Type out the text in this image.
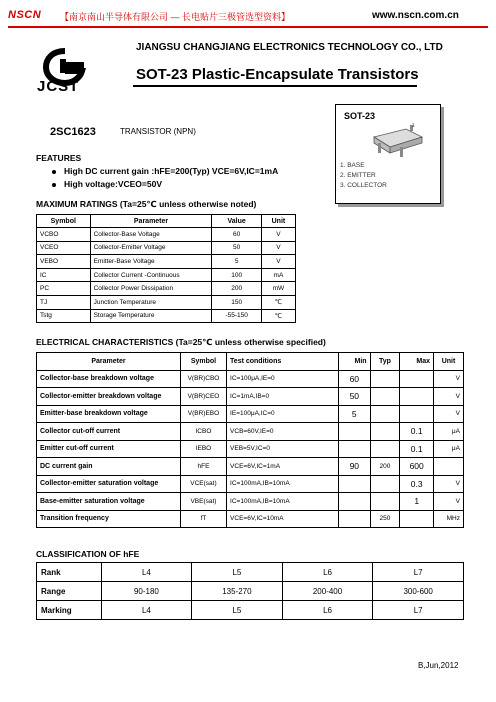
NSCN 【南京南山半导体有限公司 — 长电贴片三极管选型资料】	www.nscn.com.cn
JCST
JIANGSU CHANGJIANG ELECTRONICS TECHNOLOGY CO., LTD
SOT-23 Plastic-Encapsulate Transistors
SOT-23
3
1. BASE
2. EMITTER
3. COLLECTOR
2SC1623	TRANSISTOR (NPN)
FEATURES
High DC current gain :hFE=200(Typ) VCE=6V,IC=1mA
High voltage:VCEO=50V
MAXIMUM RATINGS (Ta=25℃ unless otherwise noted)
Symbol	Parameter	Value	Unit
VCBO	Collector-Base Voltage	60	V
VCEO	Collector-Emitter Voltage	50	V
VEBO	Emitter-Base Voltage	5	V
IC	Collector Current -Continuous	100	mA
PC	Collector Power Dissipation	200	mW
TJ	Junction Temperature	150	℃
Tstg	Storage Temperature	-55-150	℃
ELECTRICAL CHARACTERISTICS (Ta=25℃ unless otherwise specified)
Parameter	Symbol	Test conditions	Min	Typ	Max	Unit
Collector-base breakdown voltage	V(BR)CBO	IC=100μA,IE=0	60			V
Collector-emitter breakdown voltage	V(BR)CEO	IC=1mA,IB=0	50			V
Emitter-base breakdown voltage	V(BR)EBO	IE=100μA,IC=0	5			V
Collector cut-off current	ICBO	VCB=60V,IE=0			0.1	μA
Emitter cut-off current	IEBO	VEB=5V,IC=0			0.1	μA
DC current gain	hFE	VCE=6V,IC=1mA	90	200	600	
Collector-emitter saturation voltage	VCE(sat)	IC=100mA,IB=10mA			0.3	V
Base-emitter saturation voltage	VBE(sat)	IC=100mA,IB=10mA			1	V
Transition frequency	fT	VCE=6V,IC=10mA		250		MHz
CLASSIFICATION OF hFE
Rank	L4	L5	L6	L7
Range	90-180	135-270	200-400	300-600
Marking	L4	L5	L6	L7
B,Jun,2012
